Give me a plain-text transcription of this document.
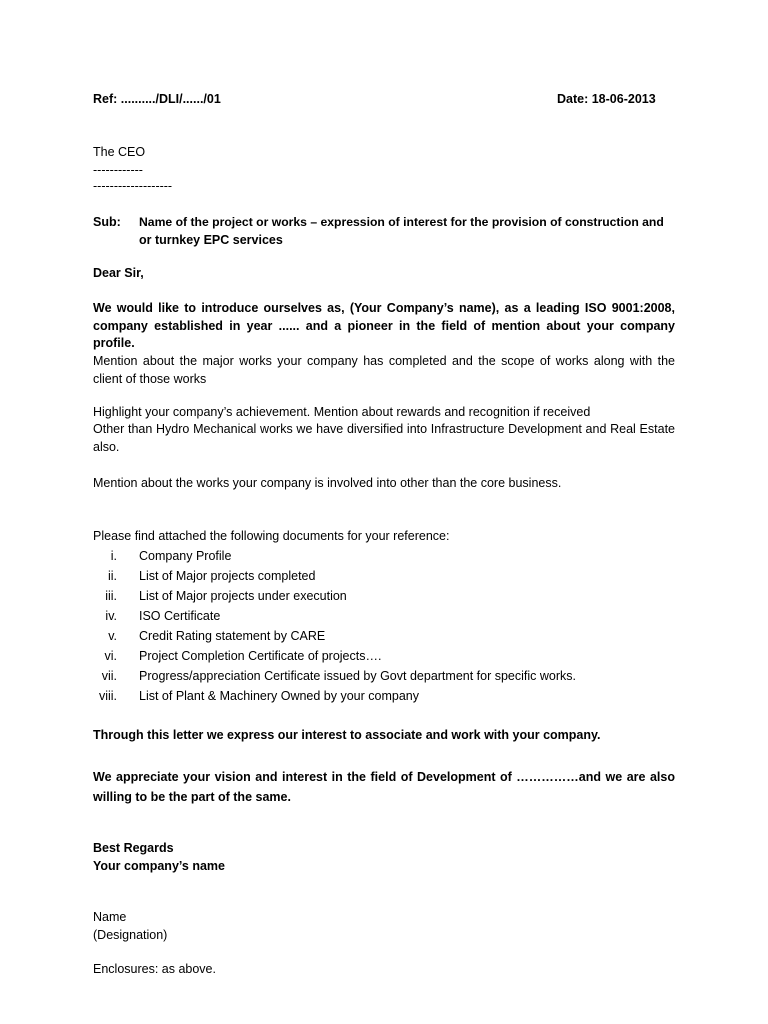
Ref: ........../DLI/....../01	Date: 18-06-2013
The CEO
------------
-------------------
Sub: Name of the project or works – expression of interest for the provision of construction and
or turnkey EPC services
Dear Sir,
We would like to introduce ourselves as, (Your Company’s name), as a leading ISO 9001:2008, company established in year ...... and a pioneer in the field of mention about your company profile.
Mention about the major works your company has completed and the scope of works along with the client of those works
Highlight your company’s achievement. Mention about rewards and recognition if received
Other than Hydro Mechanical works we have diversified into Infrastructure Development and Real Estate also.
Mention about the works your company is involved into other than the core business.
Please find attached the following documents for your reference:
i. Company Profile
ii. List of Major projects completed
iii. List of Major projects under execution
iv. ISO Certificate
v. Credit Rating statement by CARE
vi. Project Completion Certificate of projects….
vii. Progress/appreciation Certificate issued by Govt department for specific works.
viii. List of Plant & Machinery Owned by your company
Through this letter we express our interest to associate and work with your company.
We appreciate your vision and interest in the field of Development of ……………and we are also willing to be the part of the same.
Best Regards
Your company’s name
Name
(Designation)
Enclosures: as above.
